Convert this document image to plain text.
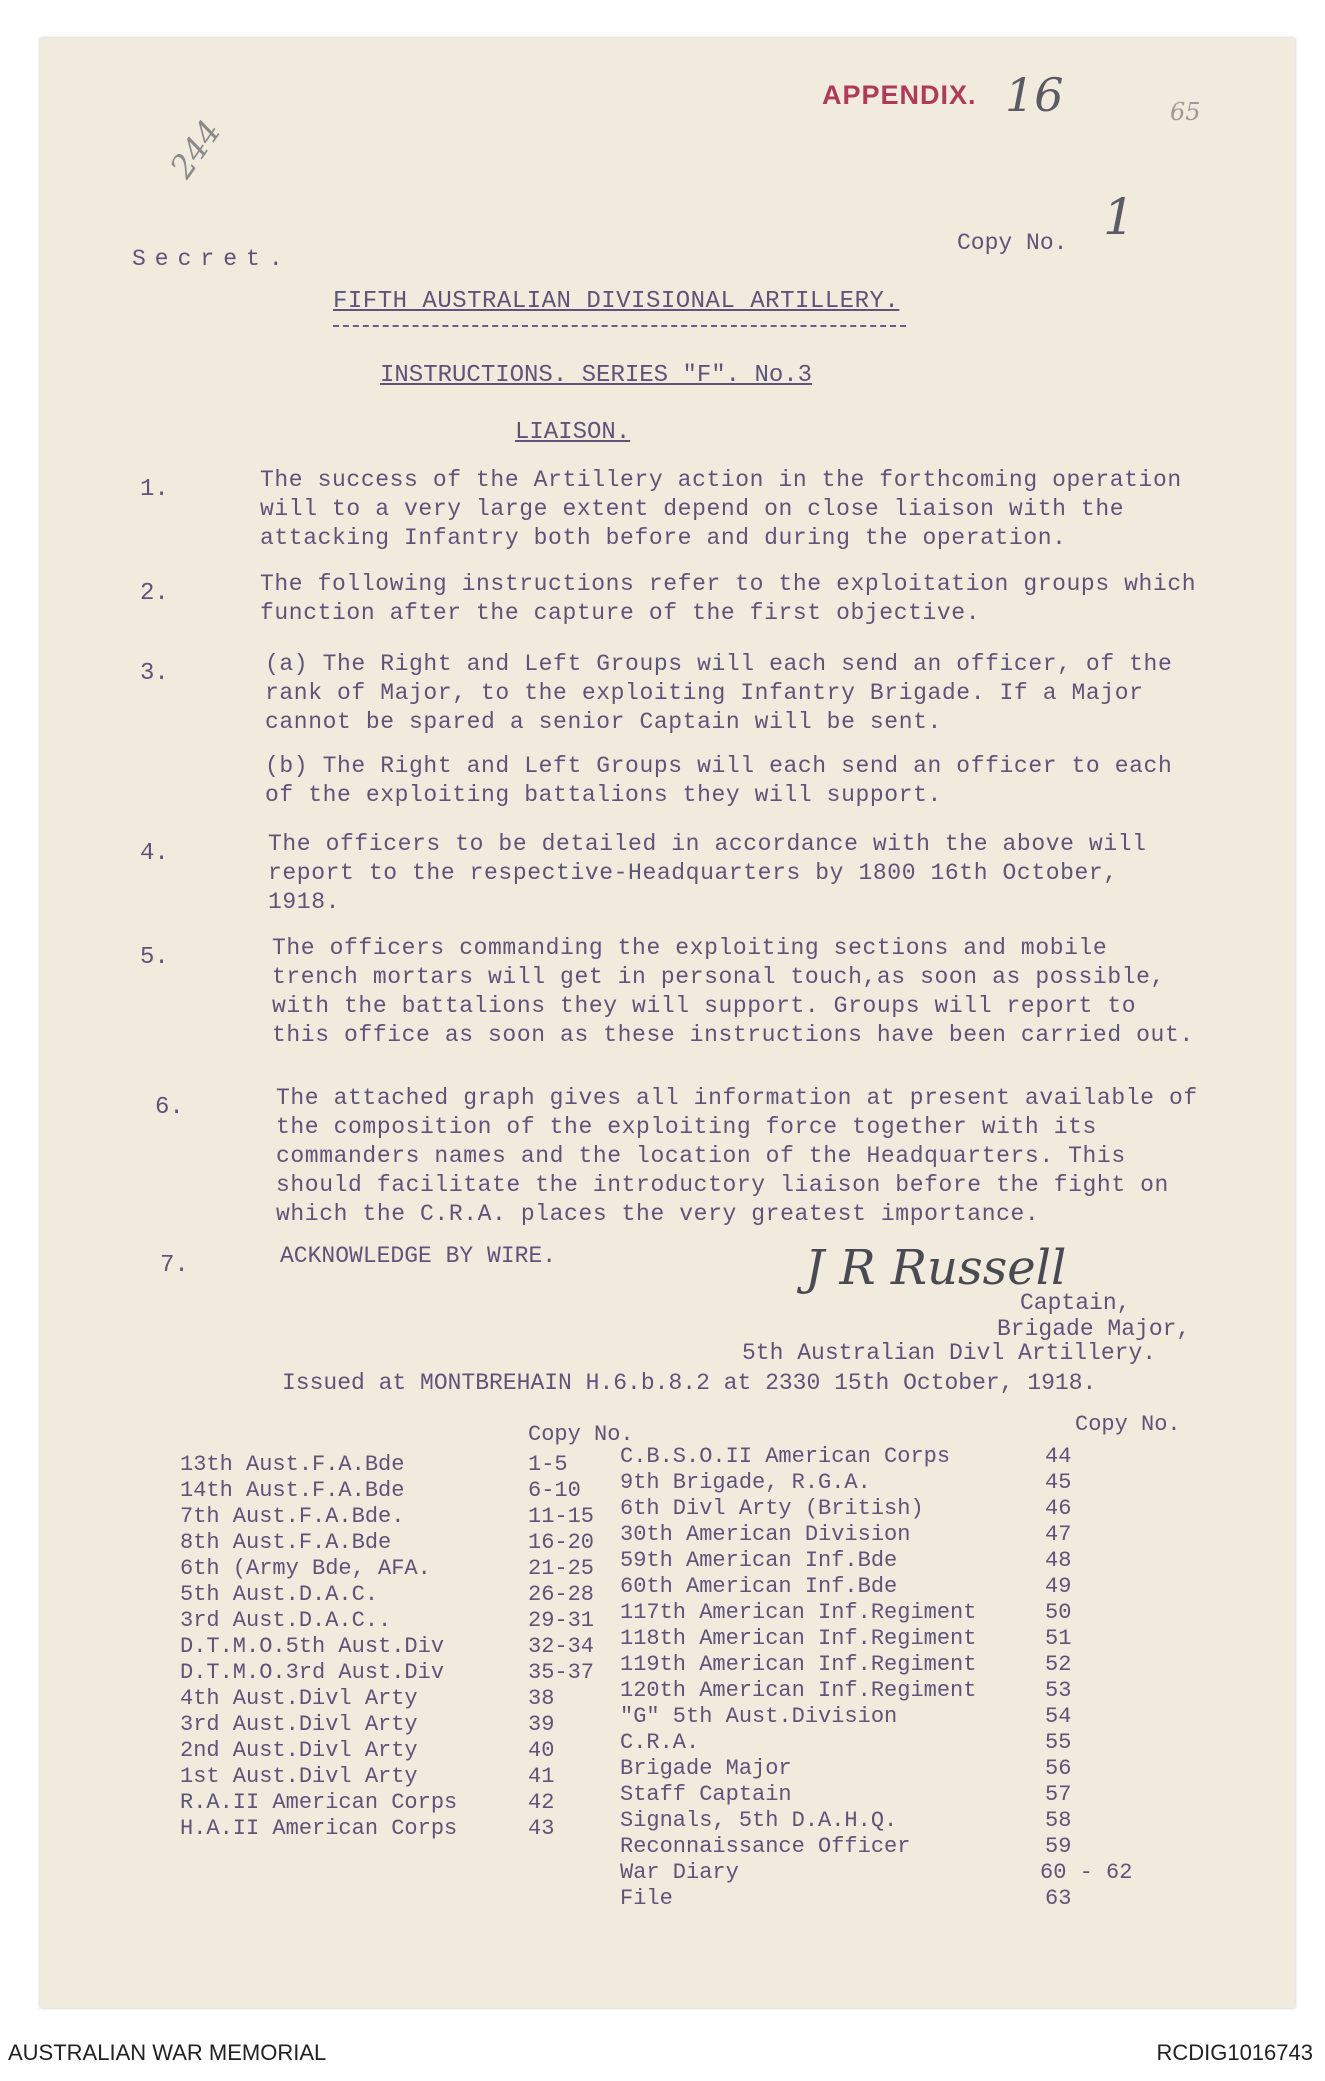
APPENDIX. 16	65
244
Secret.
Copy No. 1
FIFTH AUSTRALIAN DIVISIONAL ARTILLERY.
INSTRUCTIONS. SERIES "F". No.3
LIAISON.
1.	The success of the Artillery action in the forthcoming operation will to a very large extent depend on close liaison with the attacking Infantry both before and during the operation.
2.	The following instructions refer to the exploitation groups which function after the capture of the first objective.
3.	(a) The Right and Left Groups will each send an officer, of the rank of Major, to the exploiting Infantry Brigade. If a Major cannot be spared a senior Captain will be sent.
(b) The Right and Left Groups will each send an officer to each of the exploiting battalions they will support.
4.	The officers to be detailed in accordance with the above will report to the respective-Headquarters by 1800 16th October, 1918.
5.	The officers commanding the exploiting sections and mobile trench mortars will get in personal touch,as soon as possible, with the battalions they will support. Groups will report to this office as soon as these instructions have been carried out.
6.	The attached graph gives all information at present available of the composition of the exploiting force together with its commanders names and the location of the Headquarters. This should facilitate the introductory liaison before the fight on which the C.R.A. places the very greatest importance.
7.	ACKNOWLEDGE BY WIRE.	J R Russell
Captain,
Brigade Major,
5th Australian Divl Artillery.
Issued at MONTBREHAIN H.6.b.8.2 at 2330 15th October, 1918.
Copy No.	Copy No.
13th Aust.F.A.Bde	1-5
14th Aust.F.A.Bde	6-10
7th Aust.F.A.Bde.	11-15
8th Aust.F.A.Bde	16-20
6th (Army Bde, AFA.	21-25
5th Aust.D.A.C.	26-28
3rd Aust.D.A.C..	29-31
D.T.M.O.5th Aust.Div	32-34
D.T.M.O.3rd Aust.Div	35-37
4th Aust.Divl Arty	38
3rd Aust.Divl Arty	39
2nd Aust.Divl Arty	40
1st Aust.Divl Arty	41
R.A.II American Corps	42
H.A.II American Corps	43
C.B.S.O.II American Corps	44
9th Brigade, R.G.A.	45
6th Divl Arty (British)	46
30th American Division	47
59th American Inf.Bde	48
60th American Inf.Bde	49
117th American Inf.Regiment	50
118th American Inf.Regiment	51
119th American Inf.Regiment	52
120th American Inf.Regiment	53
"G" 5th Aust.Division	54
C.R.A.	55
Brigade Major	56
Staff Captain	57
Signals, 5th D.A.H.Q.	58
Reconnaissance Officer	59
War Diary	60 - 62
File	63
AUSTRALIAN WAR MEMORIAL	RCDIG1016743
